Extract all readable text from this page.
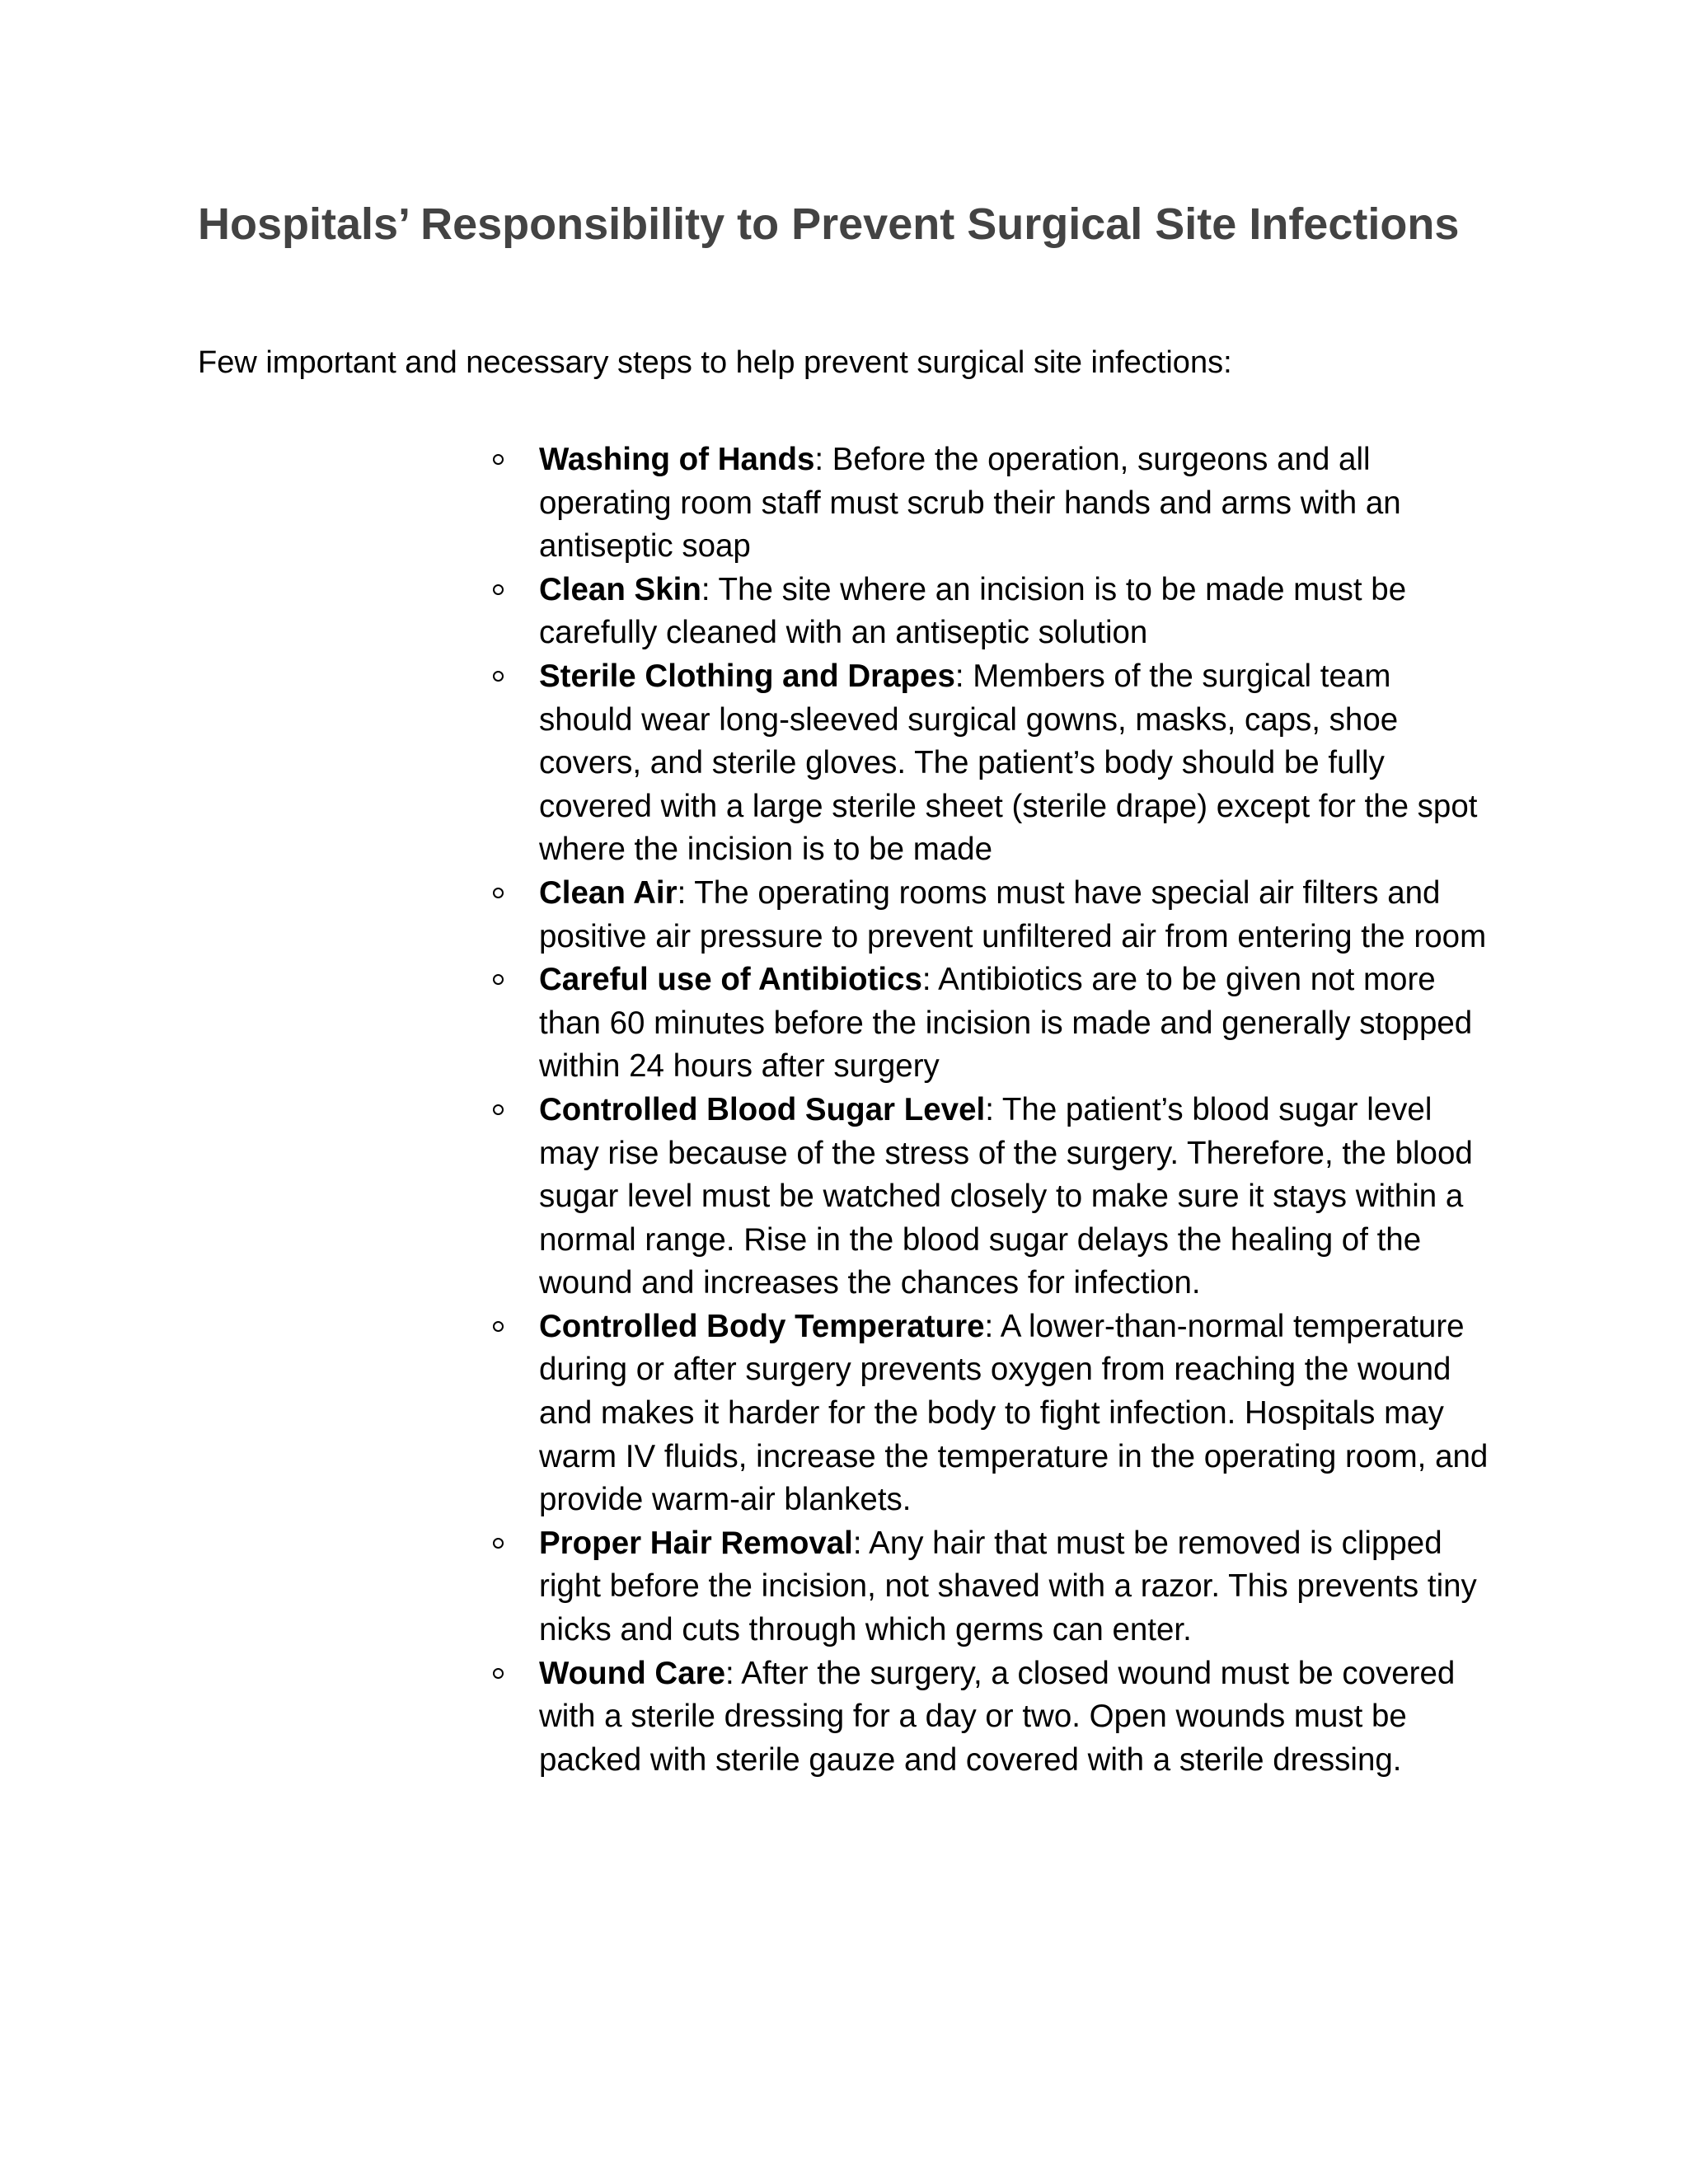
Hospitals’ Responsibility to Prevent Surgical Site Infections

Few important and necessary steps to help prevent surgical site infections:

Washing of Hands: Before the operation, surgeons and all operating room staff must scrub their hands and arms with an antiseptic soap
Clean Skin: The site where an incision is to be made must be carefully cleaned with an antiseptic solution
Sterile Clothing and Drapes: Members of the surgical team should wear long-sleeved surgical gowns, masks, caps, shoe covers, and sterile gloves. The patient’s body should be fully covered with a large sterile sheet (sterile drape) except for the spot where the incision is to be made
Clean Air: The operating rooms must have special air filters and positive air pressure to prevent unfiltered air from entering the room
Careful use of Antibiotics: Antibiotics are to be given not more than 60 minutes before the incision is made and generally stopped within 24 hours after surgery
Controlled Blood Sugar Level: The patient’s blood sugar level may rise because of the stress of the surgery. Therefore, the blood sugar level must be watched closely to make sure it stays within a normal range. Rise in the blood sugar delays the healing of the wound and increases the chances for infection.
Controlled Body Temperature: A lower-than-normal temperature during or after surgery prevents oxygen from reaching the wound and makes it harder for the body to fight infection. Hospitals may warm IV fluids, increase the temperature in the operating room, and provide warm-air blankets.
Proper Hair Removal: Any hair that must be removed is clipped right before the incision, not shaved with a razor. This prevents tiny nicks and cuts through which germs can enter.
Wound Care: After the surgery, a closed wound must be covered with a sterile dressing for a day or two. Open wounds must be packed with sterile gauze and covered with a sterile dressing.
